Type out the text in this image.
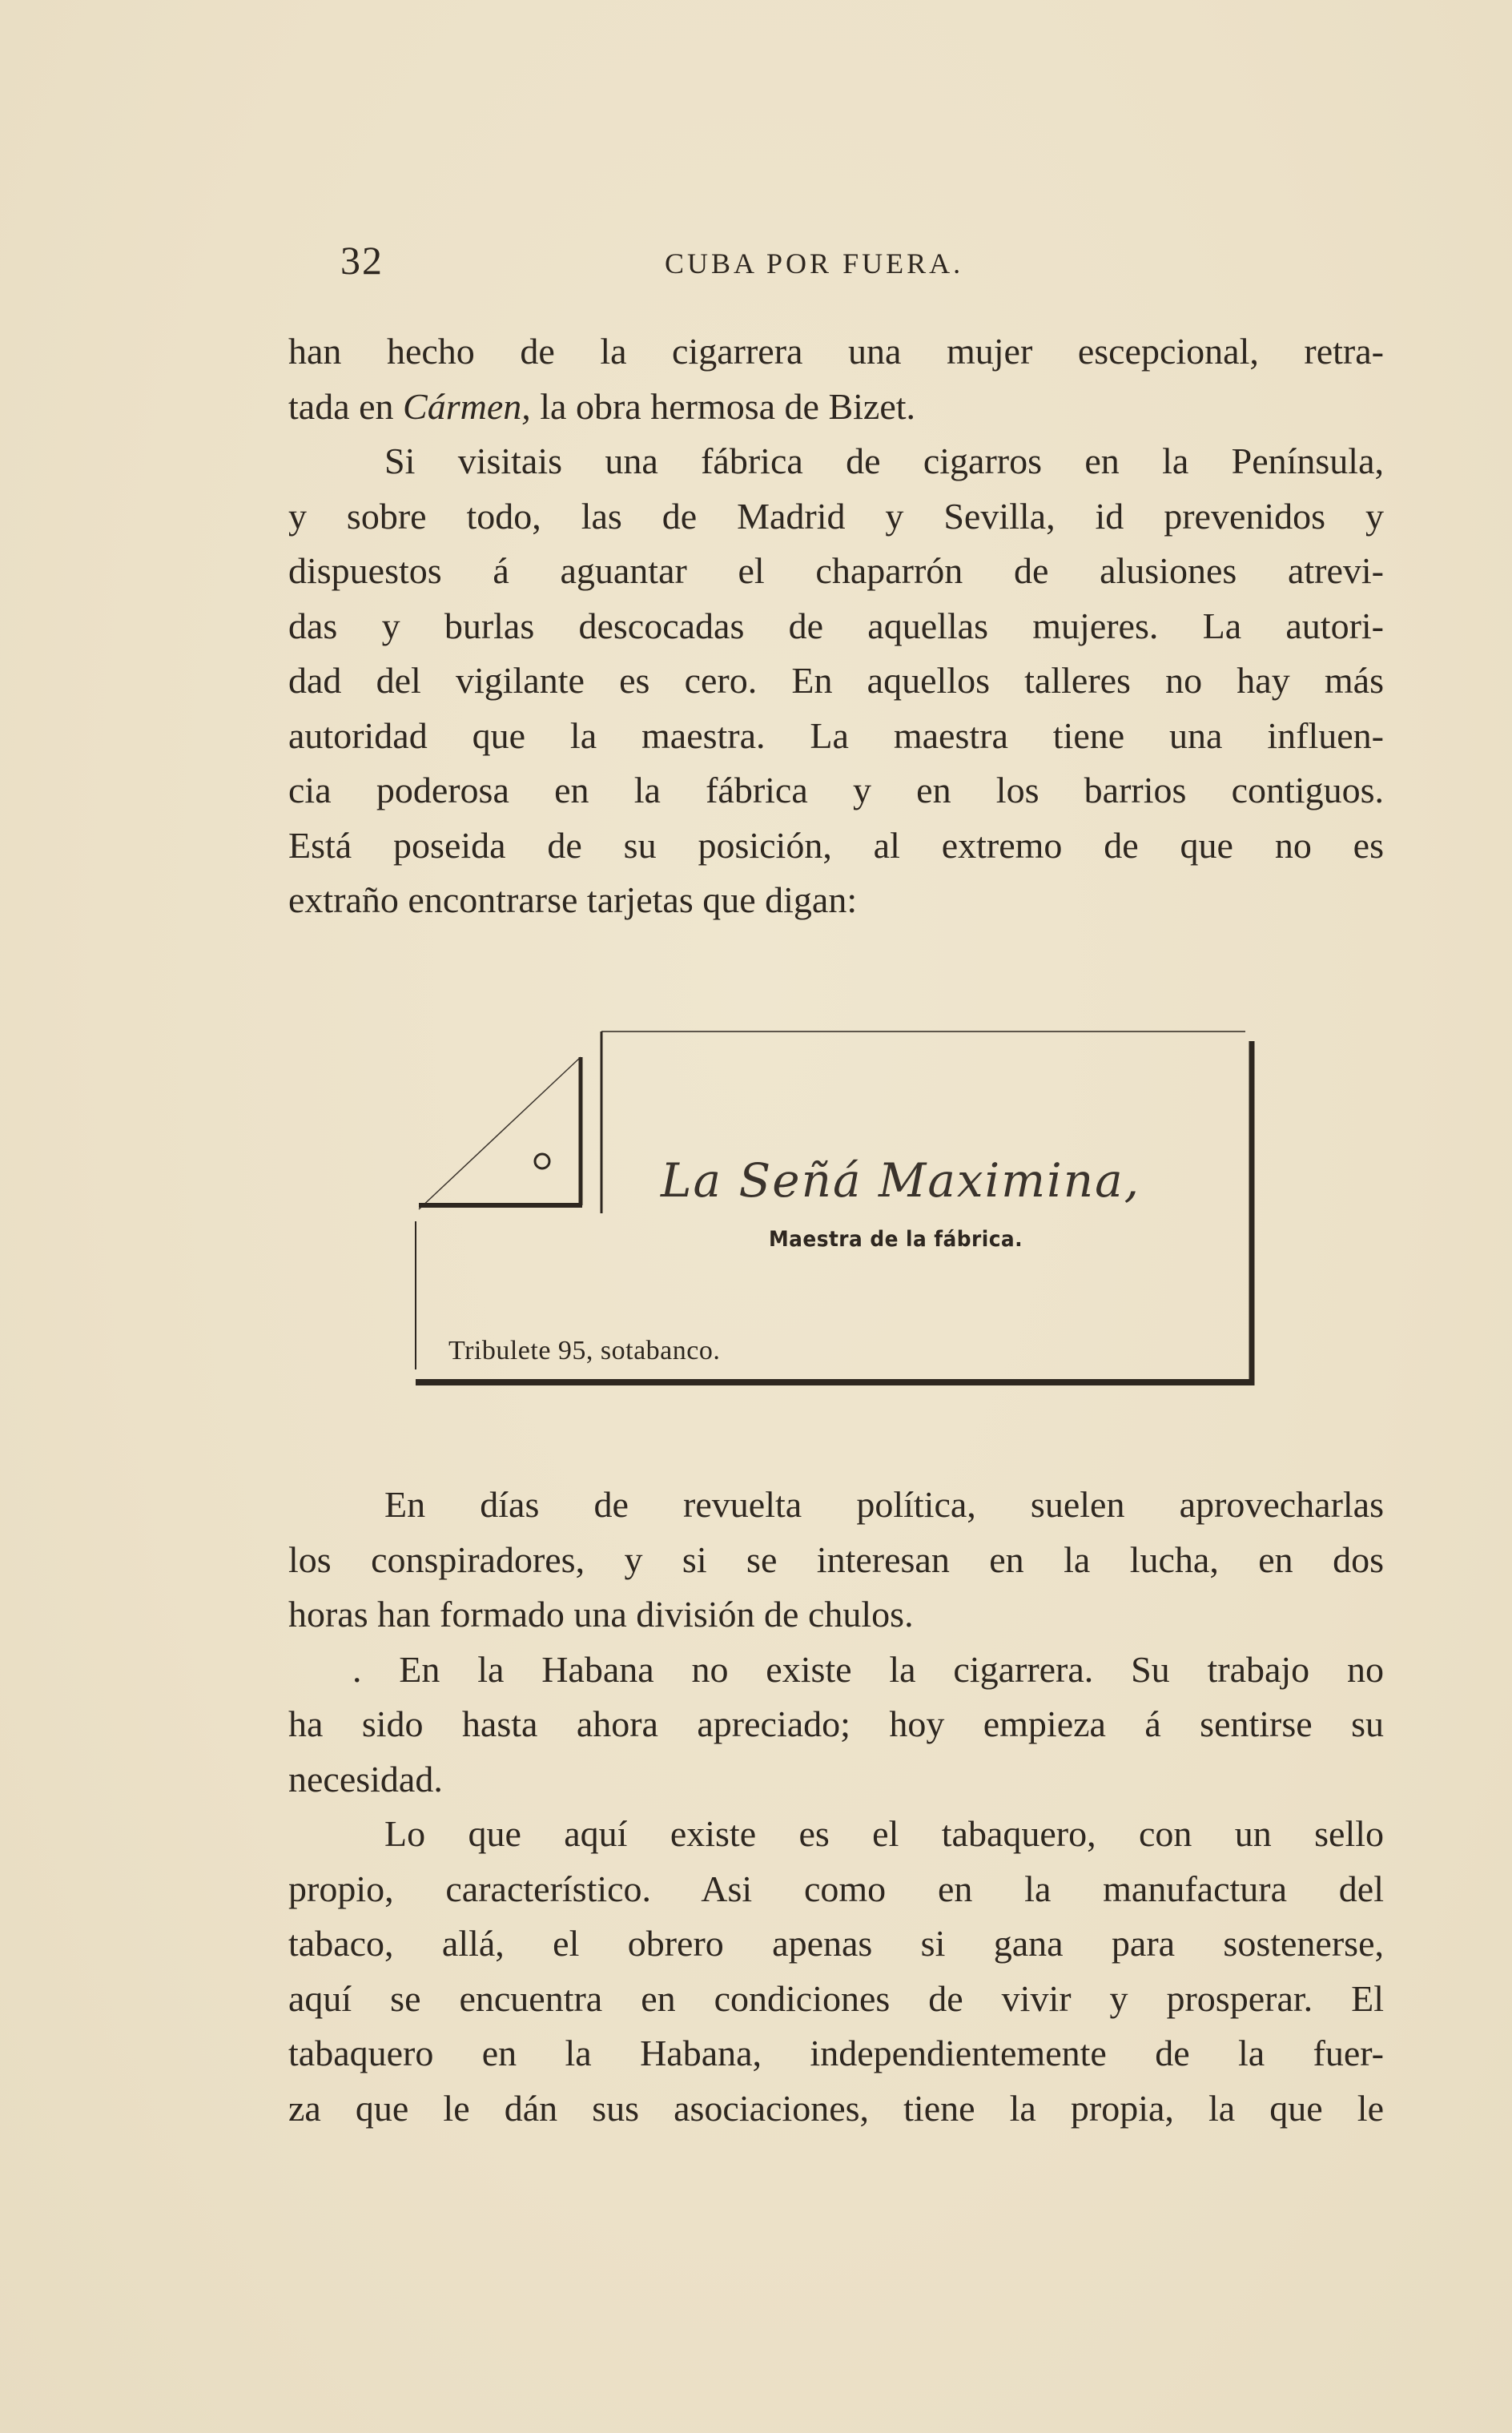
32	CUBA POR FUERA.
han hecho de la cigarrera una mujer escepcional, retra-
tada en Cármen, la obra hermosa de Bizet.
Si visitais una fábrica de cigarros en la Península,
y sobre todo, las de Madrid y Sevilla, id prevenidos y
dispuestos á aguantar el chaparrón de alusiones atrevi-
das y burlas descocadas de aquellas mujeres. La autori-
dad del vigilante es cero. En aquellos talleres no hay más
autoridad que la maestra. La maestra tiene una influen-
cia poderosa en la fábrica y en los barrios contiguos.
Está poseida de su posición, al extremo de que no es
extraño encontrarse tarjetas que digan:
La Señá Maximina,
Maestra de la fábrica.
Tribulete 95, sotabanco.
En días de revuelta política, suelen aprovecharlas
los conspiradores, y si se interesan en la lucha, en dos
horas han formado una división de chulos.
. En la Habana no existe la cigarrera. Su trabajo no
ha sido hasta ahora apreciado; hoy empieza á sentirse su
necesidad.
Lo que aquí existe es el tabaquero, con un sello
propio, característico. Asi como en la manufactura del
tabaco, allá, el obrero apenas si gana para sostenerse,
aquí se encuentra en condiciones de vivir y prosperar. El
tabaquero en la Habana, independientemente de la fuer-
za que le dán sus asociaciones, tiene la propia, la que le
